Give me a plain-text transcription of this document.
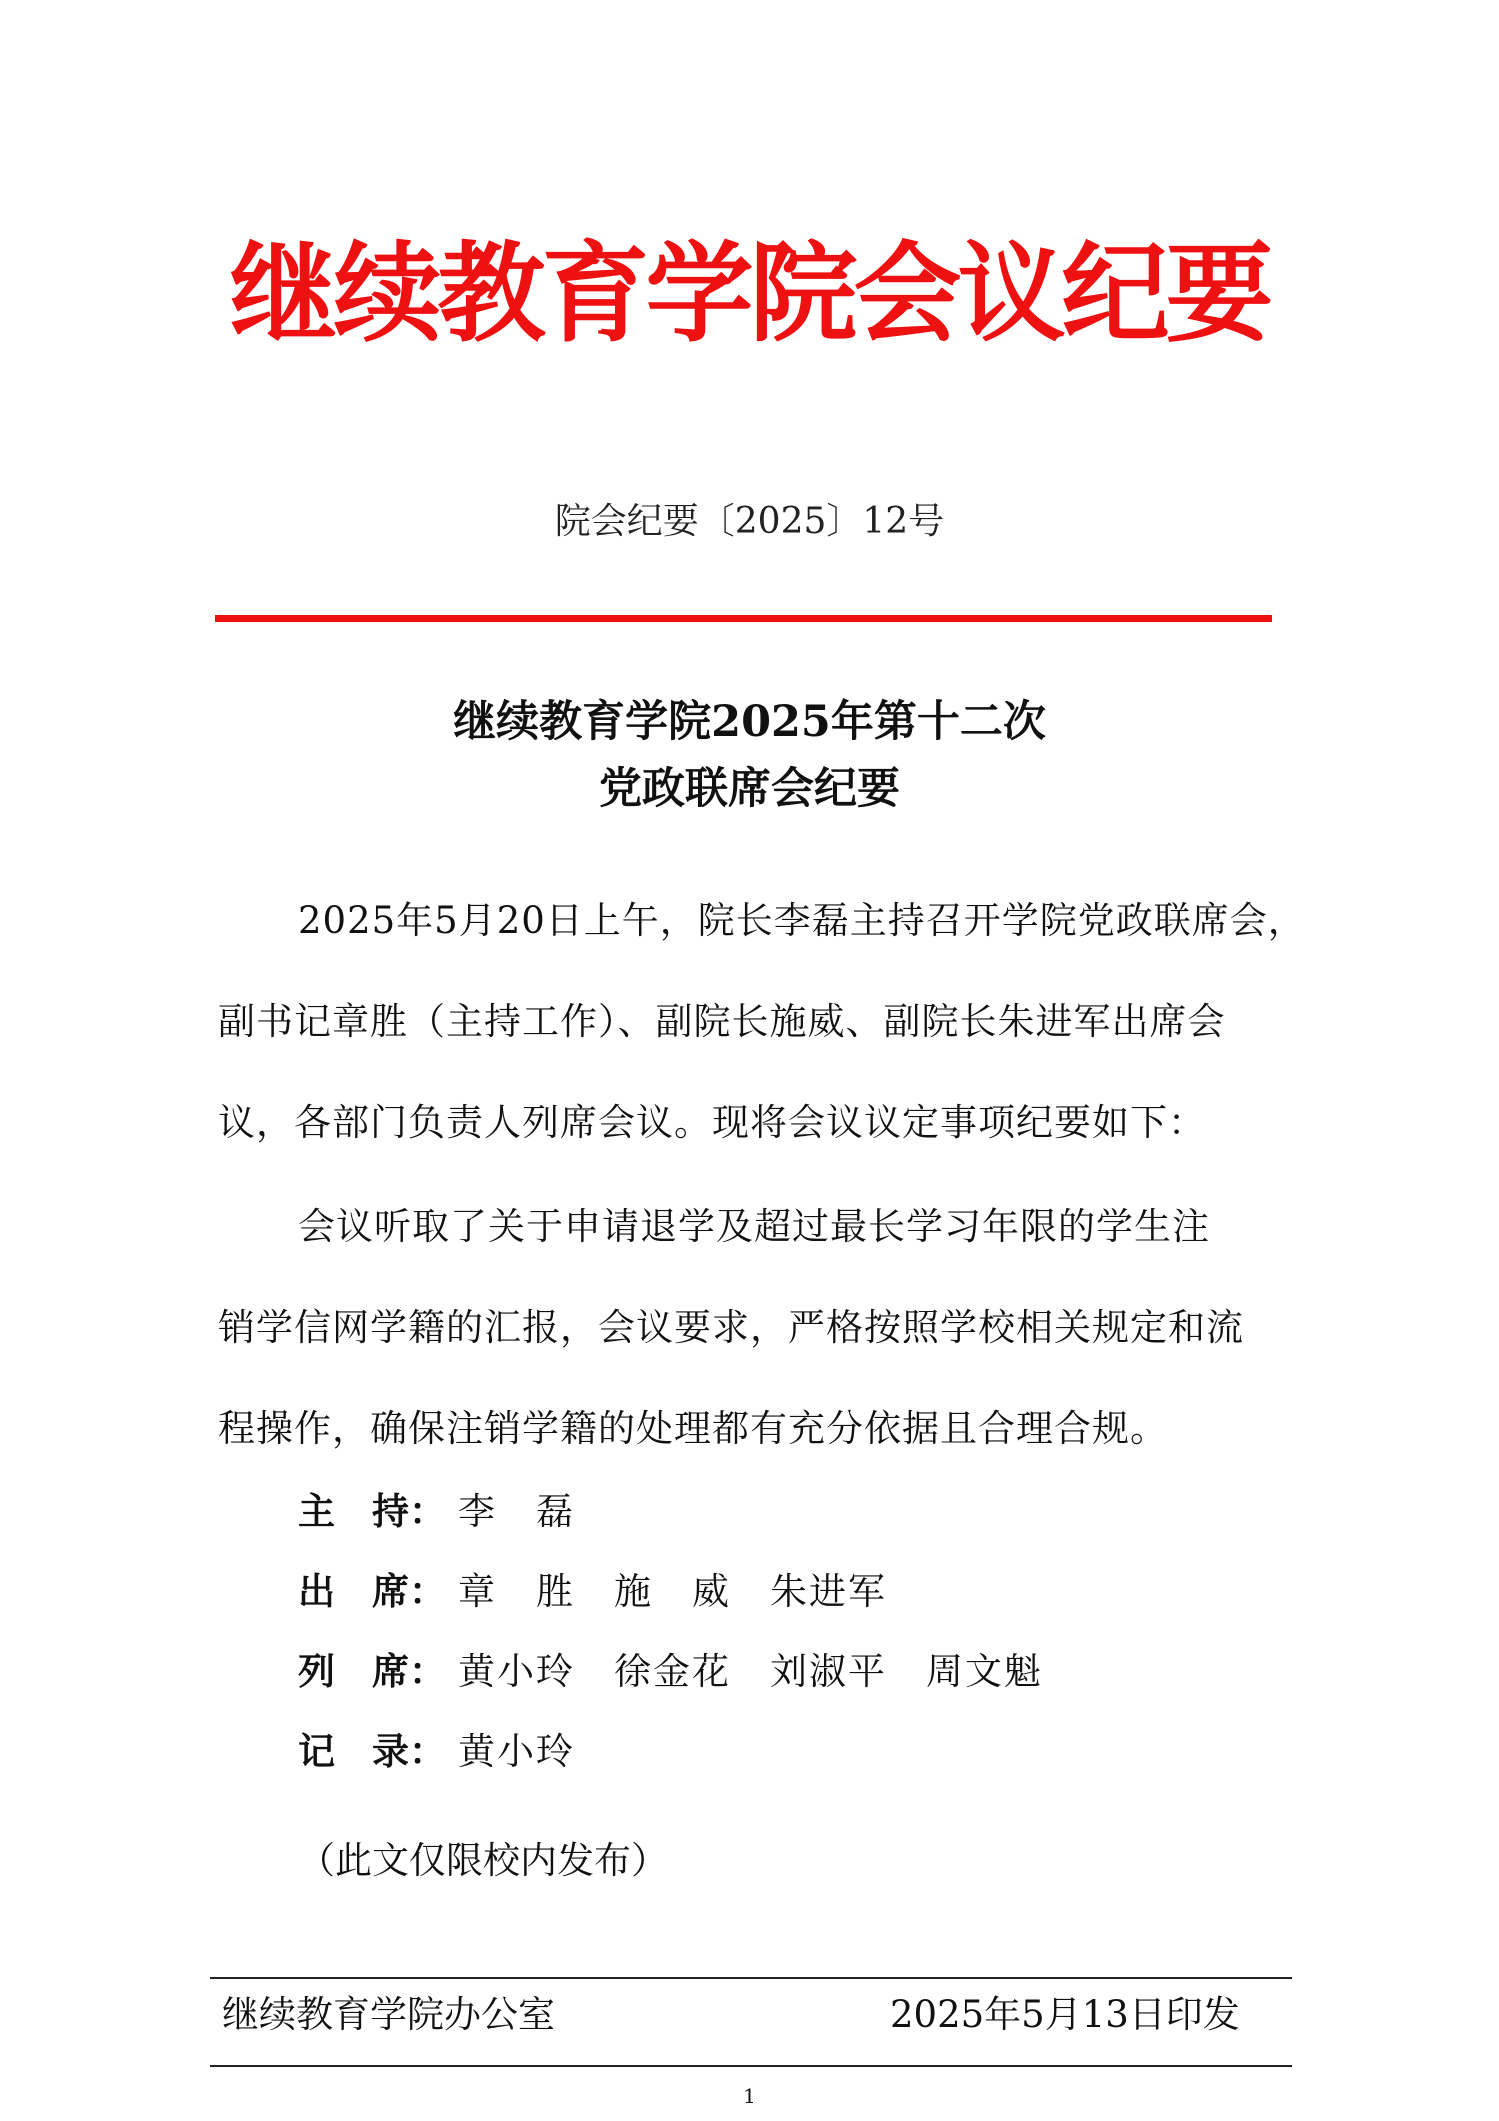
继续教育学院会议纪要
院会纪要〔2025〕12号
继续教育学院2025年第十二次
党政联席会纪要
2025年5月20日上午，院长李磊主持召开学院党政联席会，
副书记章胜（主持工作）、副院长施威、副院长朱进军出席会
议，各部门负责人列席会议。现将会议议定事项纪要如下：
会议听取了关于申请退学及超过最长学习年限的学生注
销学信网学籍的汇报，会议要求，严格按照学校相关规定和流
程操作，确保注销学籍的处理都有充分依据且合理合规。
主　持： 李　磊
出　席： 章　胜　施　威　朱进军
列　席： 黄小玲　徐金花　刘淑平　周文魁
记　录： 黄小玲
（此文仅限校内发布）
继续教育学院办公室	2025年5月13日印发
1
